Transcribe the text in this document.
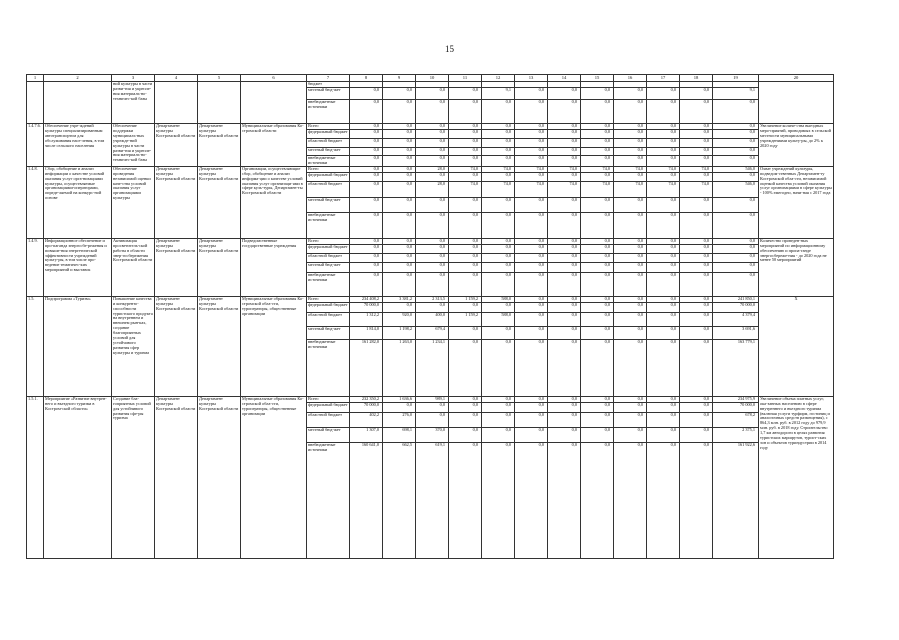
15
1	2	3	4	5	6	7	8	9	10	11	12	13	14	15	16	17	18	19	20
		ний культуры в части разви-тия и укрепле-ния материаль-но-техничес-кой базы				бюджет													
						местный бюд-жет	0,0	0,0	0,0	0,0	9,1	0,0	0,0	0,0	0,0	0,0	0,0	9,1	
						внебюджетные источники	0,0	0,0	0,0	0,0	0,0	0,0	0,0	0,0	0,0	0,0	0,0	0,0	
1.4.7.6.	Обеспечение учре-ждений культуры специализированным автотранспортом для обслуживания насе-ления, в том числе сельского населения	Обеспечение поддержки муниципаль-ных учрежде-ний культуры в части разви-тия и укрепле-ния материаль-но-техничес-кой базы	Департамент культуры Костромской области	Департамент культуры Костромской области	Муниципальные образования Ко-стромской области	Всего	0,0	0,0	0,0	0,0	0,0	0,0	0,0	0,0	0,0	0,0	0,0	0,0	Увеличение количе-ства выездных меро-приятий, проводимых в сельской местности муниципальными учреждениями культу-ры, до 2% к 2020 году
						федеральный бюджет	0,0	0,0	0,0	0,0	0,0	0,0	0,0	0,0	0,0	0,0	0,0	0,0	
						областной бюджет	0,0	0,0	0,0	0,0	0,0	0,0	0,0	0,0	0,0	0,0	0,0	0,0	
						местный бюд-жет	0,0	0,0	0,0	0,0	0,0	0,0	0,0	0,0	0,0	0,0	0,0	0,0	
						внебюджетные источники	0,0	0,0	0,0	0,0	0,0	0,0	0,0	0,0	0,0	0,0	0,0	0,0	
1.4.8.	Сбор, обобщение и анализ информации о качестве условий оказания услуг орга-низациями культуры, осуществляемые организациями-операторами, опреде-ляемой на конкурс-ной основе	Обеспечение проведения независимой оценки каче-ства условий оказания услуг организациями культуры	Департамент культуры Костромской области	Департамент культуры Костромской области	Организации, осуществляющие сбор, обобщение и анализ информа-ции о качестве условий оказания услуг организаци-ями в сфере куль-туры, Департамен-ты Костромской области	Всего	0,0	0,0	28,0	74,0	74,0	74,0	74,0	74,0	74,0	74,0	74,0	546,0	Охват учреждений культуры, подведом-ственных Департамен-ту Костромской обла-сти, независимой оценкой качества условий оказания услуг организациями в сфере культуры - 100% ежегодно, начи-ная с 2017 года
						федеральный бюджет	0,0	0,0	0,0	0,0	0,0	0,0	0,0	0,0	0,0	0,0	0,0	0,0	
						областной бюджет	0,0	0,0	28,0	74,0	74,0	74,0	74,0	74,0	74,0	74,0	74,0	546,0	
						местный бюд-жет	0,0	0,0	0,0	0,0	0,0	0,0	0,0	0,0	0,0	0,0	0,0	0,0	
						внебюджетные источники	0,0	0,0	0,0	0,0	0,0	0,0	0,0	0,0	0,0	0,0	0,0	0,0	
1.4.9.	Информационное обеспечение и про-паганда энергосбе-режения и повыше-ния энергетической эффективности учреждений культу-ры, в том числе про-ведение тематичес-ких мероприятий и выставок	Активизация просветитель-ской работы в области энер-госбережения Костромской области	Департамент культуры Костромской области	Департамент культуры Костромской области	Подведомственные государственные учреждения	Всего	0,0	0,0	0,0	0,0	0,0	0,0	0,0	0,0	0,0	0,0	0,0	0,0	Количество проведен-ных мероприятий по информационному обеспечению и пропа-ганде энергосбереже-ния - до 2020 года не менее 50 мероприятий
						федеральный бюджет	0,0	0,0	0,0	0,0	0,0	0,0	0,0	0,0	0,0	0,0	0,0	0,0	
						областной бюджет	0,0	0,0	0,0	0,0	0,0	0,0	0,0	0,0	0,0	0,0	0,0	0,0	
						местный бюд-жет	0,0	0,0	0,0	0,0	0,0	0,0	0,0	0,0	0,0	0,0	0,0	0,0	
						внебюджетные источники	0,0	0,0	0,0	0,0	0,0	0,0	0,0	0,0	0,0	0,0	0,0	0,0	
1.5.	Подпрограмма «Туризм»	Повышение качества и конкуренто-способности туристского продукта на внутреннем и внешнем рын-ках, создание благоприятных условий для устойчивого развития сфер культуры и туризма	Департамент культуры Костромской области	Департамент культуры Костромской области	Муниципальные образования Ко-стромской обла-сти, туроператоры, общественные организации	Всего	234 408,2	3 381,2	2 313,5	1 159,2	588,0	0,0	0,0	0,0	0,0	0,0	0,0	241 850,1	Х
						федеральный бюджет	70 000,0	0,0	0,0	0,0	0,0	0,0	0,0	0,0	0,0	0,0	0,0	70 000,0	
						областной бюджет	1 312,2	920,0	400,0	1 159,2	588,0	0,0	0,0	0,0	0,0	0,0	0,0	4 379,4	
						местный бюд-жет	1 814,0	1 198,2	679,4	0,0	0,0	0,0	0,0	0,0	0,0	0,0	0,0	3 691,6	
						внебюджетные источники	161 282,0	1 263,0	1 234,1	0,0	0,0	0,0	0,0	0,0	0,0	0,0	0,0	163 779,1	
1.5.1.	Мероприятие «Развитие внутрен-него и въездного туризма в Костром-ской области»	Создание бла-гоприятных условий для устойчивого развития сфе-ры туризма	Департамент культуры Костромской области	Департамент культуры Костромской области	Муниципальные образования Ко-стромской обла-сти, туроператоры, общественные организации	Всего	232 350,2	1 636,6	989,1	0,0	0,0	0,0	0,0	0,0	0,0	0,0	0,0	234 975,9	Увеличение объема платных услуг, ока-занных населению в сфере внутреннего и въездного туризма (включая услуги турфирм, гостиниц и аналогичных средств размещения), с 864,3 млн. руб. в 2012 году до 979,9 млн. руб. в 2018 году. Строительство 1,7 км автодороги в целях развития туристских маршрутов, турист-ских зон и объектов туриндустрии в 2014 году
						федеральный бюджет	70 000,0	0,0	0,0	0,0	0,0	0,0	0,0	0,0	0,0	0,0	0,0	70 000,0	
						областной бюджет	402,2	276,0	0,0	0,0	0,0	0,0	0,0	0,0	0,0	0,0	0,0	678,2	
						местный бюд-жет	1 307,0	698,1	370,0	0,0	0,0	0,0	0,0	0,0	0,0	0,0	0,0	2 375,1	
						внебюджетные источники	160 641,0	662,5	619,1	0,0	0,0	0,0	0,0	0,0	0,0	0,0	0,0	161 922,6	
